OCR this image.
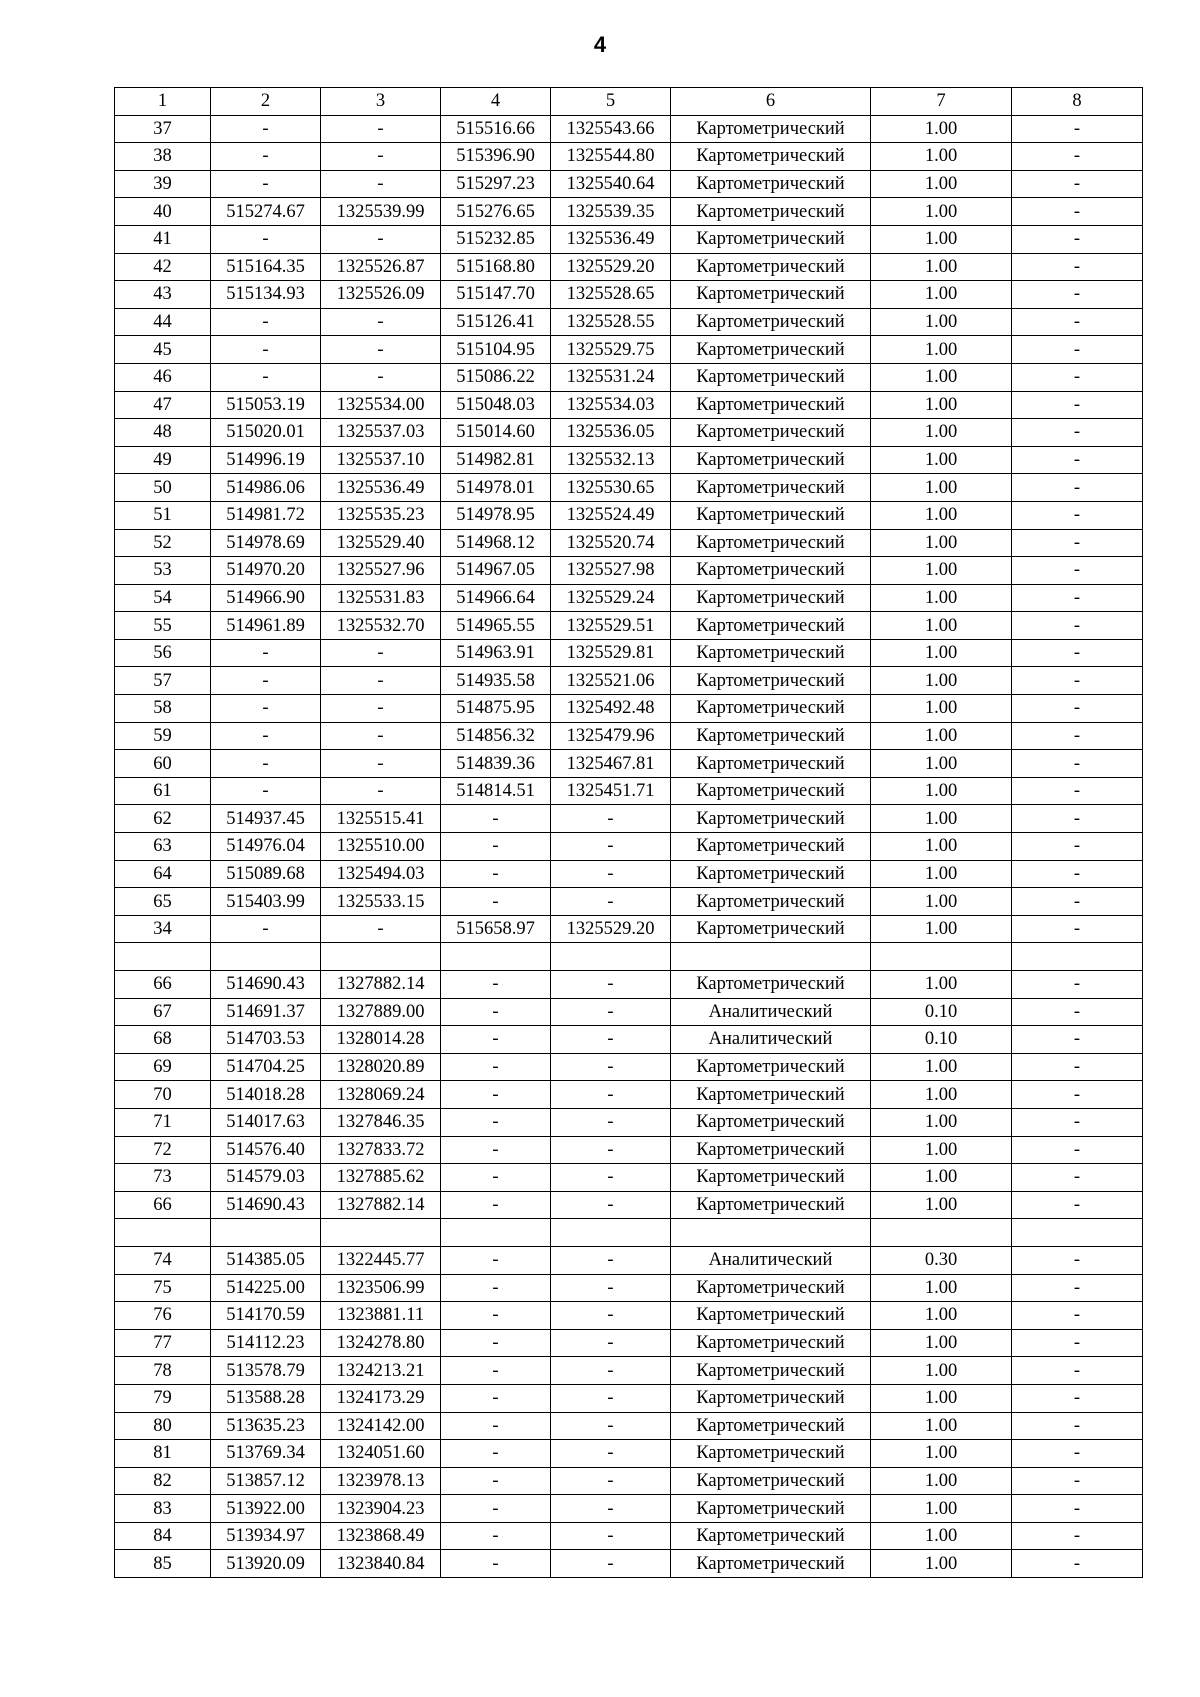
4
1	2	3	4	5	6	7	8
37	-	-	515516.66	1325543.66	Картометрический	1.00	-
38	-	-	515396.90	1325544.80	Картометрический	1.00	-
39	-	-	515297.23	1325540.64	Картометрический	1.00	-
40	515274.67	1325539.99	515276.65	1325539.35	Картометрический	1.00	-
41	-	-	515232.85	1325536.49	Картометрический	1.00	-
42	515164.35	1325526.87	515168.80	1325529.20	Картометрический	1.00	-
43	515134.93	1325526.09	515147.70	1325528.65	Картометрический	1.00	-
44	-	-	515126.41	1325528.55	Картометрический	1.00	-
45	-	-	515104.95	1325529.75	Картометрический	1.00	-
46	-	-	515086.22	1325531.24	Картометрический	1.00	-
47	515053.19	1325534.00	515048.03	1325534.03	Картометрический	1.00	-
48	515020.01	1325537.03	515014.60	1325536.05	Картометрический	1.00	-
49	514996.19	1325537.10	514982.81	1325532.13	Картометрический	1.00	-
50	514986.06	1325536.49	514978.01	1325530.65	Картометрический	1.00	-
51	514981.72	1325535.23	514978.95	1325524.49	Картометрический	1.00	-
52	514978.69	1325529.40	514968.12	1325520.74	Картометрический	1.00	-
53	514970.20	1325527.96	514967.05	1325527.98	Картометрический	1.00	-
54	514966.90	1325531.83	514966.64	1325529.24	Картометрический	1.00	-
55	514961.89	1325532.70	514965.55	1325529.51	Картометрический	1.00	-
56	-	-	514963.91	1325529.81	Картометрический	1.00	-
57	-	-	514935.58	1325521.06	Картометрический	1.00	-
58	-	-	514875.95	1325492.48	Картометрический	1.00	-
59	-	-	514856.32	1325479.96	Картометрический	1.00	-
60	-	-	514839.36	1325467.81	Картометрический	1.00	-
61	-	-	514814.51	1325451.71	Картометрический	1.00	-
62	514937.45	1325515.41	-	-	Картометрический	1.00	-
63	514976.04	1325510.00	-	-	Картометрический	1.00	-
64	515089.68	1325494.03	-	-	Картометрический	1.00	-
65	515403.99	1325533.15	-	-	Картометрический	1.00	-
34	-	-	515658.97	1325529.20	Картометрический	1.00	-

66	514690.43	1327882.14	-	-	Картометрический	1.00	-
67	514691.37	1327889.00	-	-	Аналитический	0.10	-
68	514703.53	1328014.28	-	-	Аналитический	0.10	-
69	514704.25	1328020.89	-	-	Картометрический	1.00	-
70	514018.28	1328069.24	-	-	Картометрический	1.00	-
71	514017.63	1327846.35	-	-	Картометрический	1.00	-
72	514576.40	1327833.72	-	-	Картометрический	1.00	-
73	514579.03	1327885.62	-	-	Картометрический	1.00	-
66	514690.43	1327882.14	-	-	Картометрический	1.00	-

74	514385.05	1322445.77	-	-	Аналитический	0.30	-
75	514225.00	1323506.99	-	-	Картометрический	1.00	-
76	514170.59	1323881.11	-	-	Картометрический	1.00	-
77	514112.23	1324278.80	-	-	Картометрический	1.00	-
78	513578.79	1324213.21	-	-	Картометрический	1.00	-
79	513588.28	1324173.29	-	-	Картометрический	1.00	-
80	513635.23	1324142.00	-	-	Картометрический	1.00	-
81	513769.34	1324051.60	-	-	Картометрический	1.00	-
82	513857.12	1323978.13	-	-	Картометрический	1.00	-
83	513922.00	1323904.23	-	-	Картометрический	1.00	-
84	513934.97	1323868.49	-	-	Картометрический	1.00	-
85	513920.09	1323840.84	-	-	Картометрический	1.00	-
